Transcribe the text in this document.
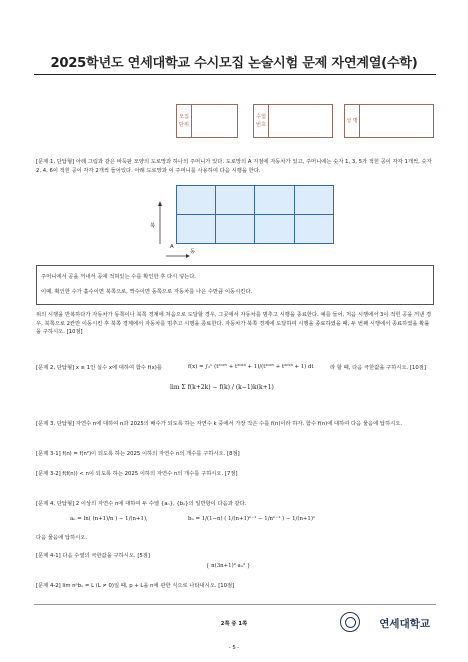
2025학년도 연세대학교 수시모집 논술시험 문제 자연계열(수학)
모집단위
수험번호
성 명

[문제 1, 단답형] 아래 그림과 같은 바둑판 모양의 도로망과 하나의 주머니가 있다. 도로망의 A 지점에 자동차가 있고, 주머니에는 숫자 1, 3, 5가 적힌 공이 각각 1개씩, 숫자 2, 4, 6이 적힌 공이 각각 2개씩 들어있다. 아래 도로망과 이 주머니를 사용하여 다음 시행을 한다.

북
A
동
주머니에서 공을 꺼내서 공에 적혀있는 수를 확인한 후 다시 넣는다.
이때, 확인한 수가 홀수이면 북쪽으로, 짝수이면 동쪽으로 자동차를 나은 수만큼 이동시킨다.

위의 시행을 반복하다가 자동차가 동쪽이나 북쪽 경계에 처음으로 도달할 경우, 그곳에서 자동차를 멈추고 시행을 종료한다. 예를 들어, 처음 시행에서 3이 적힌 공을 꺼낸 경우, 북쪽으로 2칸만 이동시킨 후 북쪽 경계에서 자동차를 멈추고 시행을 종료한다. 자동차가 북쪽 경계에 도달하여 시행을 종료하였을 때, 두 번째 시행에서 종료하였을 확률을 구하시오. [10점]

[문제 2, 단답형] x ≥ 1인 실수 x에 대하여 함수 f(x)를	f(x) = ∫₁ˣ (t²⁰²⁵ + t²⁰²³ + 1)/(t²⁰²⁵ + t²⁰²³ + 1) dt	라 할 때, 다음 극한값을 구하시오. [10점]
lim Σ f(k+2k) − f(k) / (k−1)k(k+1)

[문제 3, 단답형] 자연수 n에 대하여 n과 2025의 배수가 되도록 하는 자연수 k 중에서 가장 작은 수를 f(n)이라 하자. 함수 f(n)에 대하여 다음 물음에 답하시오.

[문제 3-1] f(n) = f(n²)이 되도록 하는 2025 이하의 자연수 n의 개수를 구하시오. [8점]
[문제 3-2] f(f(n)) < n이 되도록 하는 2025 이하의 자연수 n의 개수를 구하시오. [7점]
[문제 4, 단답형] 2 이상의 자연수 n에 대하여 두 수열 {aₙ}, {bₙ}의 일반항이 다음과 같다.
aₙ = ln( (n+1)/n ) − 1/(n+1),	bₙ = 1/(1−n) ( 1/(n+1)ⁿ⁻¹ − 1/nⁿ⁻¹ ) − 1/(n+1)ⁿ
다음 물음에 답하시오.
[문제 4-1] 다음 수열의 극한값을 구하시오. [5점]
{ n(3n+1)² aₙ² }
[문제 4-2] lim nᵖbₙ = L (L ≠ 0)일 때, p + L을 n에 관한 식으로 나타내시오. [10점]
2쪽 중 1쪽
- 5 -
연세대학교
